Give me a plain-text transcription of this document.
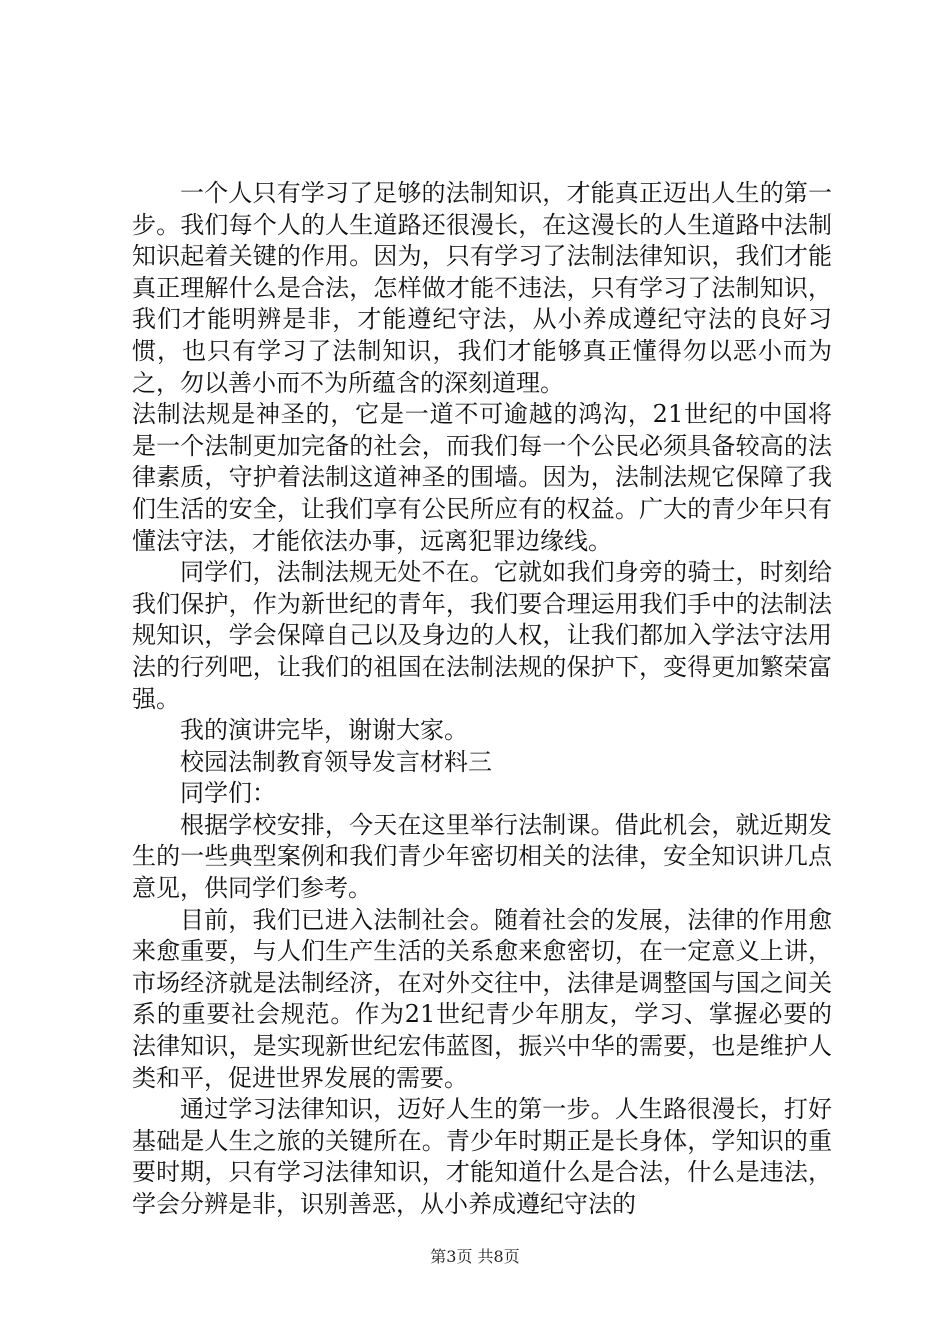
一个人只有学习了足够的法制知识，才能真正迈出人生的第一步。我们每个人的人生道路还很漫长，在这漫长的人生道路中法制知识起着关键的作用。因为，只有学习了法制法律知识，我们才能真正理解什么是合法，怎样做才能不违法，只有学习了法制知识，我们才能明辨是非，才能遵纪守法，从小养成遵纪守法的良好习惯，也只有学习了法制知识，我们才能够真正懂得勿以恶小而为之，勿以善小而不为所蕴含的深刻道理。

法制法规是神圣的，它是一道不可逾越的鸿沟，21世纪的中国将是一个法制更加完备的社会，而我们每一个公民必须具备较高的法律素质，守护着法制这道神圣的围墙。因为，法制法规它保障了我们生活的安全，让我们享有公民所应有的权益。广大的青少年只有懂法守法，才能依法办事，远离犯罪边缘线。

同学们，法制法规无处不在。它就如我们身旁的骑士，时刻给我们保护，作为新世纪的青年，我们要合理运用我们手中的法制法规知识，学会保障自己以及身边的人权，让我们都加入学法守法用法的行列吧，让我们的祖国在法制法规的保护下，变得更加繁荣富强。

我的演讲完毕，谢谢大家。

校园法制教育领导发言材料三

同学们：

根据学校安排，今天在这里举行法制课。借此机会，就近期发生的一些典型案例和我们青少年密切相关的法律，安全知识讲几点意见，供同学们参考。

目前，我们已进入法制社会。随着社会的发展，法律的作用愈来愈重要，与人们生产生活的关系愈来愈密切，在一定意义上讲，市场经济就是法制经济，在对外交往中，法律是调整国与国之间关系的重要社会规范。作为21世纪青少年朋友，学习、掌握必要的法律知识，是实现新世纪宏伟蓝图，振兴中华的需要，也是维护人类和平，促进世界发展的需要。

通过学习法律知识，迈好人生的第一步。人生路很漫长，打好基础是人生之旅的关键所在。青少年时期正是长身体，学知识的重要时期，只有学习法律知识，才能知道什么是合法，什么是违法，学会分辨是非，识别善恶，从小养成遵纪守法的

第3页 共8页
